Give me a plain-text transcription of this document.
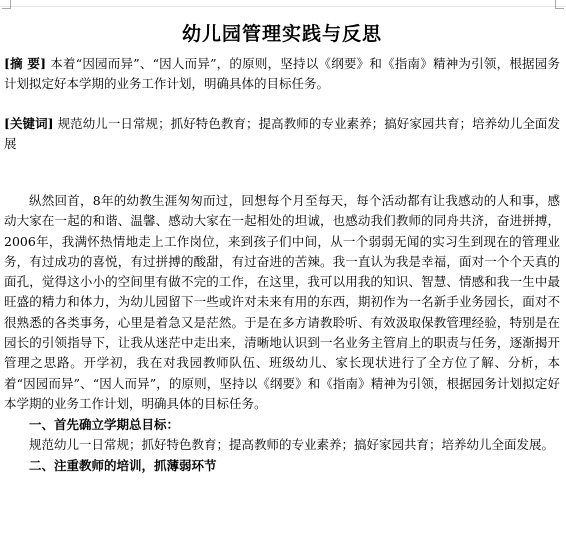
幼儿园管理实践与反思

[摘 要] 本着“因园而异”、“因人而异”，的原则，坚持以《纲要》和《指南》精神为引领，根据园务计划拟定好本学期的业务工作计划，明确具体的目标任务。

[关键词] 规范幼儿一日常规；抓好特色教育；提高教师的专业素养；搞好家园共育；培养幼儿全面发展

纵然回首，8年的幼教生涯匆匆而过，回想每个月至每天，每个活动都有让我感动的人和事，感动大家在一起的和谐、温馨、感动大家在一起相处的坦诚，也感动我们教师的同舟共济，奋进拼搏，2006年，我满怀热情地走上工作岗位，来到孩子们中间，从一个弱弱无闻的实习生到现在的管理业务，有过成功的喜悦，有过拼搏的酸甜，有过奋进的苦辣。我一直认为我是幸福，面对一个个天真的面孔，觉得这小小的空间里有做不完的工作，在这里，我可以用我的知识、智慧、情感和我一生中最旺盛的精力和体力，为幼儿园留下一些或许对未来有用的东西，期初作为一名新手业务园长，面对不很熟悉的各类事务，心里是着急又是茫然。于是在多方请教聆听、有效汲取保教管理经验，特别是在园长的引领指导下，让我从迷茫中走出来，清晰地认识到一名业务主管肩上的职责与任务，逐渐揭开管理之思路。开学初，我在对我园教师队伍、班级幼儿、家长现状进行了全方位了解、分析，本着“因园而异”、“因人而异”，的原则，坚持以《纲要》和《指南》精神为引领，根据园务计划拟定好本学期的业务工作计划，明确具体的目标任务。

一、首先确立学期总目标：

规范幼儿一日常规；抓好特色教育；提高教师的专业素养；搞好家园共育；培养幼儿全面发展。

二、注重教师的培训，抓薄弱环节
